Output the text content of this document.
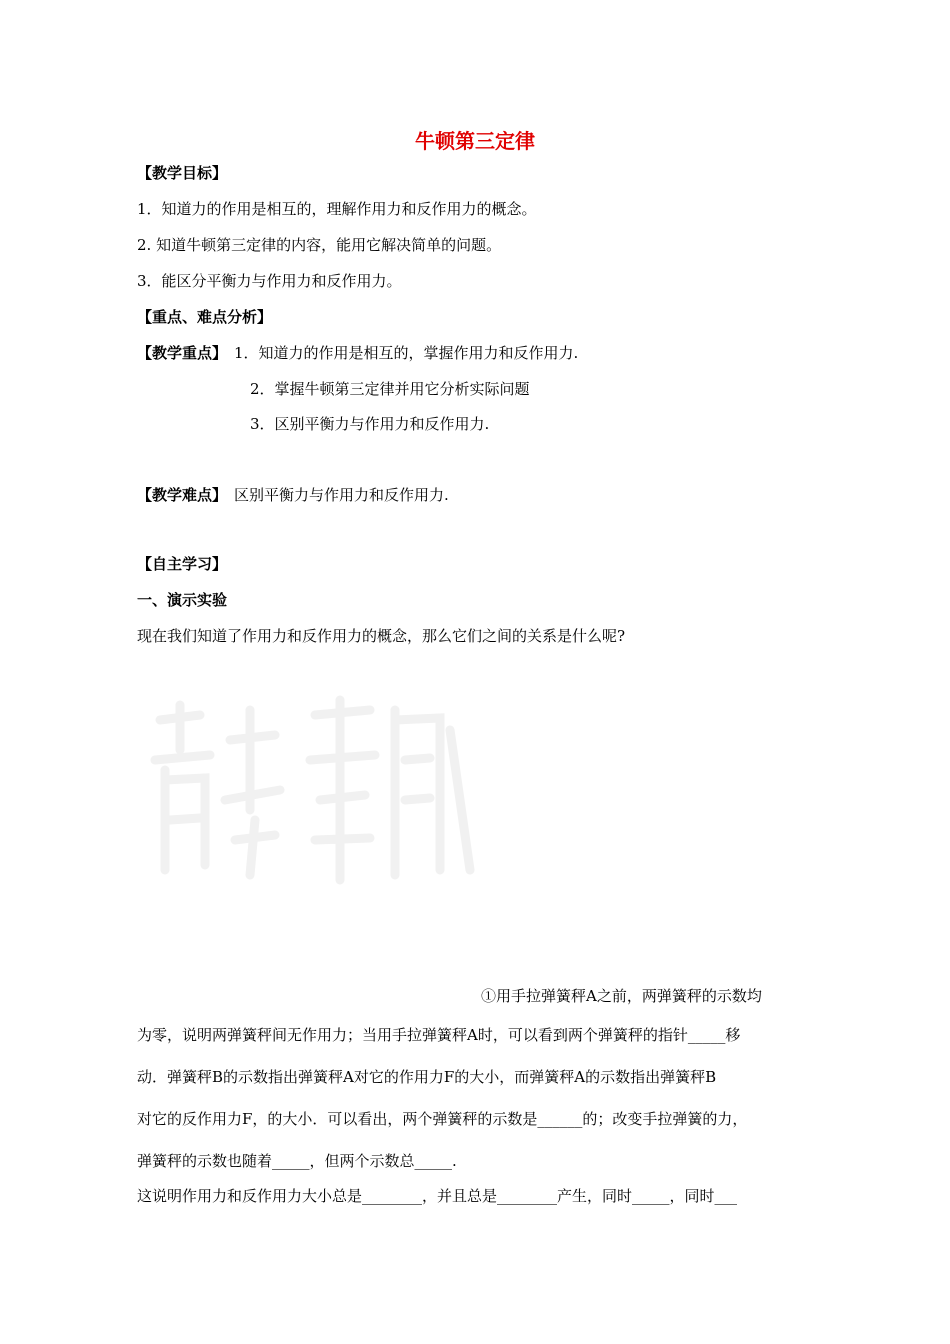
牛顿第三定律
【教学目标】
1．知道力的作用是相互的，理解作用力和反作用力的概念。
2. 知道牛顿第三定律的内容，能用它解决简单的问题。
3．能区分平衡力与作用力和反作用力。
【重点、难点分析】
【教学重点】 1．知道力的作用是相互的，掌握作用力和反作用力.
2．掌握牛顿第三定律并用它分析实际问题
3．区别平衡力与作用力和反作用力.
【教学难点】 区别平衡力与作用力和反作用力.
【自主学习】
一、演示实验
现在我们知道了作用力和反作用力的概念，那么它们之间的关系是什么呢?
①用手拉弹簧秤A之前，两弹簧秤的示数均
为零，说明两弹簧秤间无作用力；当用手拉弹簧秤A时，可以看到两个弹簧秤的指针_____移
动．弹簧秤B的示数指出弹簧秤A对它的作用力F的大小，而弹簧秤A的示数指出弹簧秤B
对它的反作用力F，的大小．可以看出，两个弹簧秤的示数是______的；改变手拉弹簧的力，
弹簧秤的示数也随着_____，但两个示数总_____.
这说明作用力和反作用力大小总是________，并且总是________产生，同时_____，同时___
